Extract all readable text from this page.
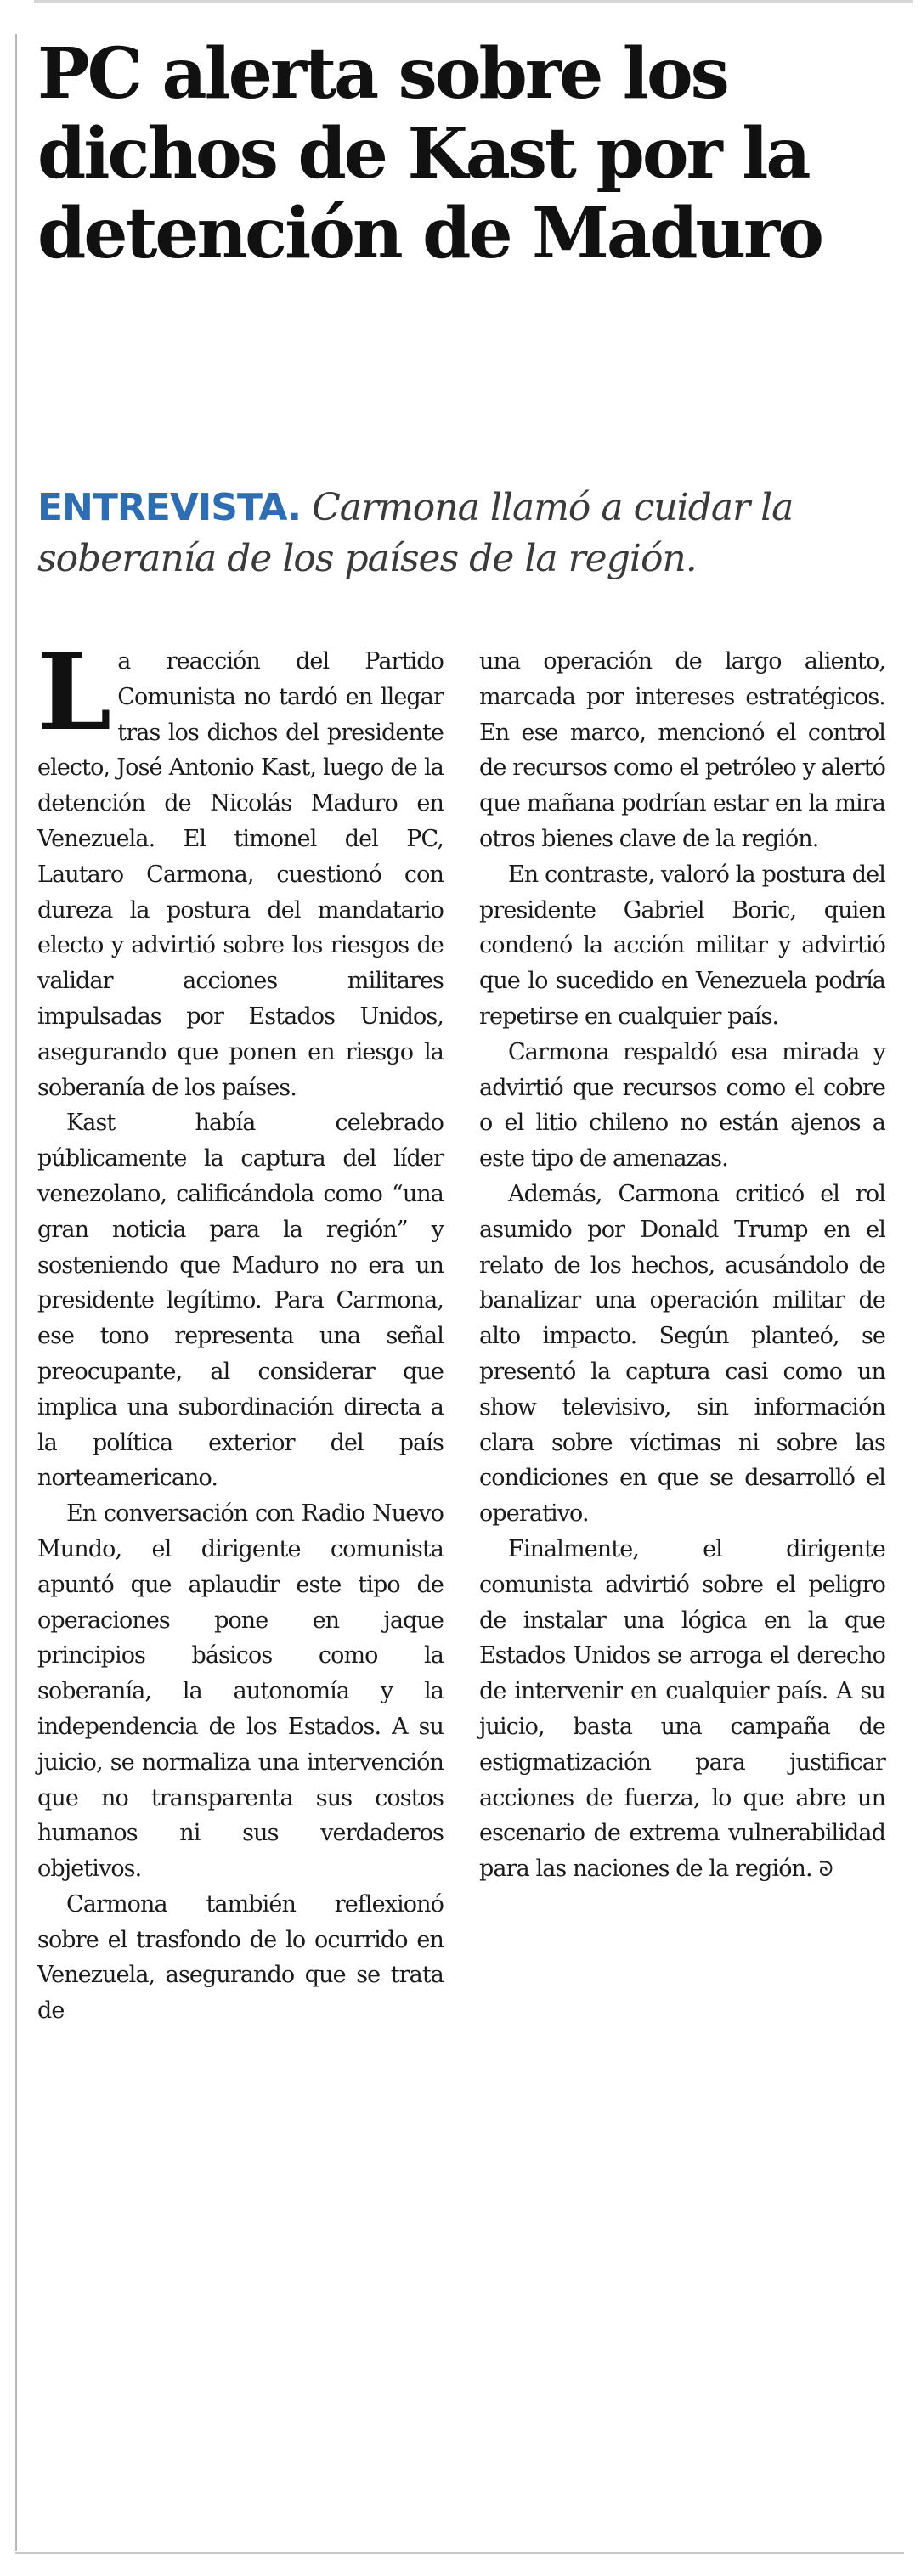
PC alerta sobre los dichos de Kast por la detención de Maduro

ENTREVISTA. Carmona llamó a cuidar la soberanía de los países de la región.

La reacción del Partido Comunista no tardó en llegar tras los dichos del presidente electo, José Antonio Kast, luego de la detención de Nicolás Maduro en Venezuela. El timonel del PC, Lautaro Carmona, cuestionó con dureza la postura del mandatario electo y advirtió sobre los riesgos de validar acciones militares impulsadas por Estados Unidos, asegurando que ponen en riesgo la soberanía de los países.

Kast había celebrado públicamente la captura del líder venezolano, calificándola como “una gran noticia para la región” y sosteniendo que Maduro no era un presidente legítimo. Para Carmona, ese tono representa una señal preocupante, al considerar que implica una subordinación directa a la política exterior del país norteamericano.

En conversación con Radio Nuevo Mundo, el dirigente comunista apuntó que aplaudir este tipo de operaciones pone en jaque principios básicos como la soberanía, la autonomía y la independencia de los Estados. A su juicio, se normaliza una intervención que no transparenta sus costos humanos ni sus verdaderos objetivos.

Carmona también reflexionó sobre el trasfondo de lo ocurrido en Venezuela, asegurando que se trata de

una operación de largo aliento, marcada por intereses estratégicos. En ese marco, mencionó el control de recursos como el petróleo y alertó que mañana podrían estar en la mira otros bienes clave de la región.

En contraste, valoró la postura del presidente Gabriel Boric, quien condenó la acción militar y advirtió que lo sucedido en Venezuela podría repetirse en cualquier país.

Carmona respaldó esa mirada y advirtió que recursos como el cobre o el litio chileno no están ajenos a este tipo de amenazas.

Además, Carmona criticó el rol asumido por Donald Trump en el relato de los hechos, acusándolo de banalizar una operación militar de alto impacto. Según planteó, se presentó la captura casi como un show televisivo, sin información clara sobre víctimas ni sobre las condiciones en que se desarrolló el operativo.

Finalmente, el dirigente comunista advirtió sobre el peligro de instalar una lógica en la que Estados Unidos se arroga el derecho de intervenir en cualquier país. A su juicio, basta una campaña de estigmatización para justificar acciones de fuerza, lo que abre un escenario de extrema vulnerabilidad para las naciones de la región. ᘐ
